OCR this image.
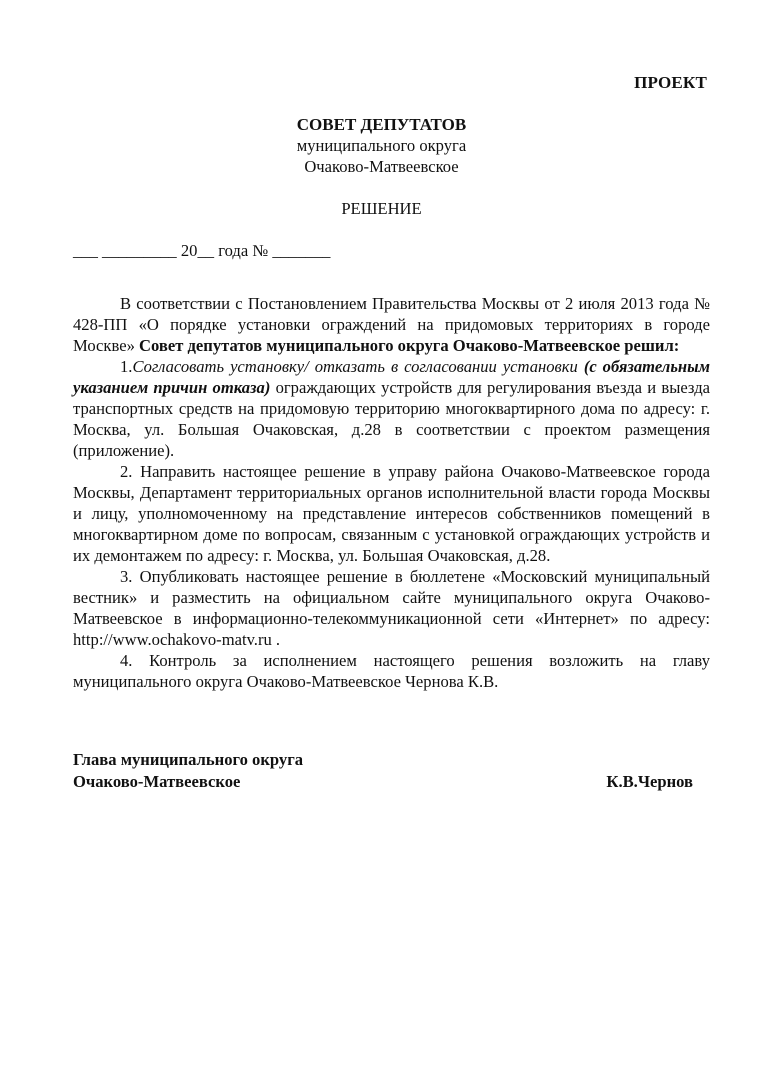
ПРОЕКТ
СОВЕТ ДЕПУТАТОВ
муниципального округа
Очаково-Матвеевское
РЕШЕНИЕ
___ _________ 20__ года № _______

В соответствии с Постановлением Правительства Москвы от 2 июля 2013 года № 428-ПП «О порядке установки ограждений на придомовых территориях в городе Москве» Совет депутатов муниципального округа Очаково-Матвеевское решил:

1.Согласовать установку/ отказать в согласовании установки (с обязательным указанием причин отказа) ограждающих устройств для регулирования въезда и выезда транспортных средств на придомовую территорию многоквартирного дома по адресу: г. Москва, ул. Большая Очаковская, д.28 в соответствии с проектом размещения (приложение).

2. Направить настоящее решение в управу района Очаково-Матвеевское города Москвы, Департамент территориальных органов исполнительной власти города Москвы и лицу, уполномоченному на представление интересов собственников помещений в многоквартирном доме по вопросам, связанным с установкой ограждающих устройств и их демонтажем по адресу: г. Москва, ул. Большая Очаковская, д.28.

3. Опубликовать настоящее решение в бюллетене «Московский муниципальный вестник» и разместить на официальном сайте муниципального округа Очаково-Матвеевское в информационно-телекоммуникационной сети «Интернет» по адресу: http://www.ochakovo-matv.ru .

4. Контроль за исполнением настоящего решения возложить на главу муниципального округа Очаково-Матвеевское Чернова К.В.

Глава муниципального округа
Очаково-Матвеевское	К.В.Чернов
